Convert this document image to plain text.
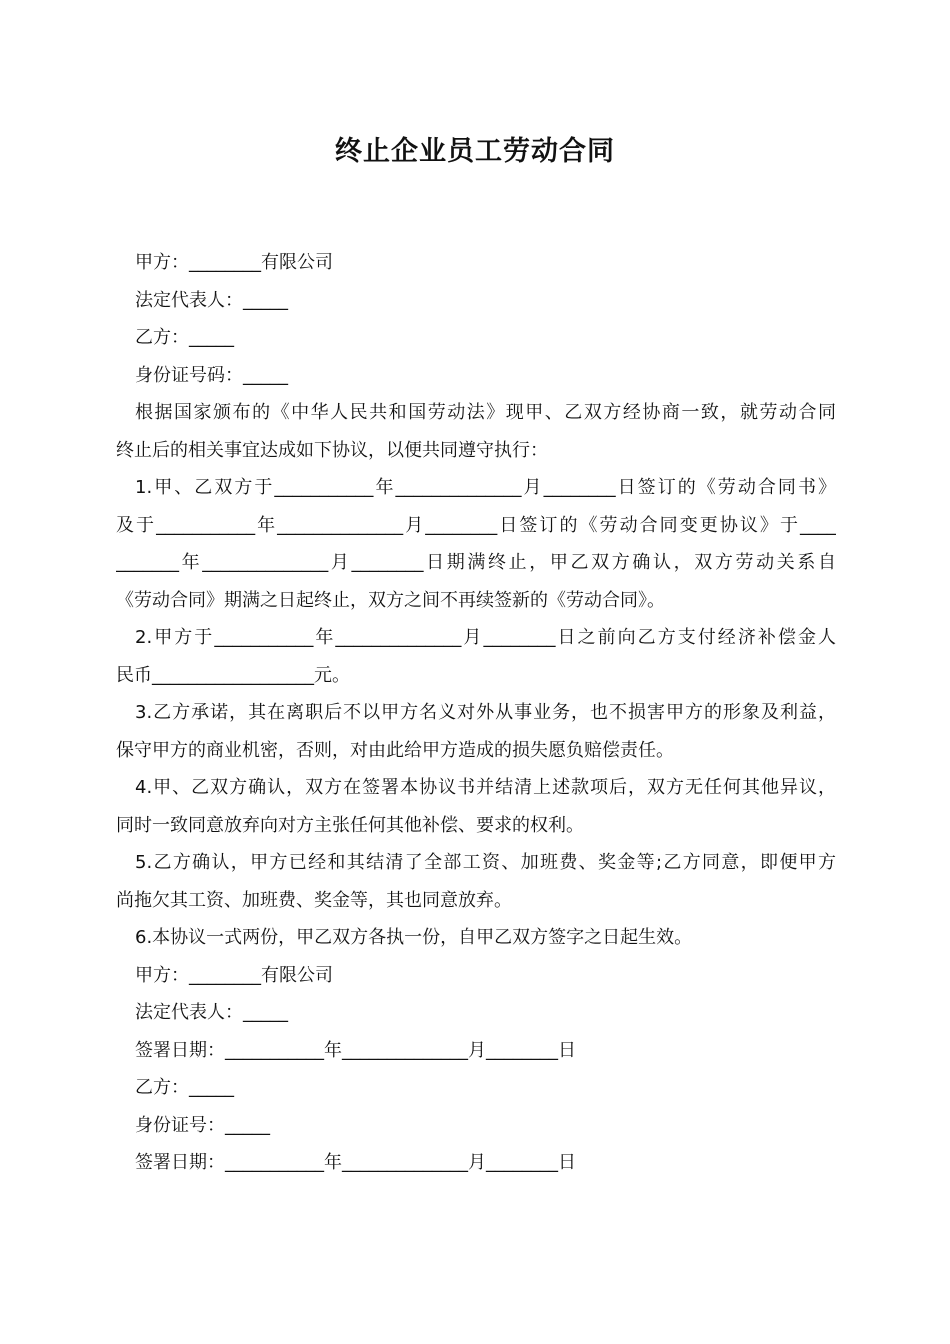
终止企业员工劳动合同
甲方：________有限公司
法定代表人：_____
乙方：_____
身份证号码：_____
根据国家颁布的《中华人民共和国劳动法》现甲、乙双方经协商一致，就劳动合同
终止后的相关事宜达成如下协议，以便共同遵守执行：
1.甲、乙双方于___________年______________月________日签订的《劳动合同书》
及于___________年______________月________日签订的《劳动合同变更协议》于____
_______年______________月________日期满终止，甲乙双方确认，双方劳动关系自
《劳动合同》期满之日起终止，双方之间不再续签新的《劳动合同》。
2.甲方于___________年______________月________日之前向乙方支付经济补偿金人
民币__________________元。
3.乙方承诺，其在离职后不以甲方名义对外从事业务，也不损害甲方的形象及利益，
保守甲方的商业机密，否则，对由此给甲方造成的损失愿负赔偿责任。
4.甲、乙双方确认，双方在签署本协议书并结清上述款项后，双方无任何其他异议，
同时一致同意放弃向对方主张任何其他补偿、要求的权利。
5.乙方确认，甲方已经和其结清了全部工资、加班费、奖金等;乙方同意，即便甲方
尚拖欠其工资、加班费、奖金等，其也同意放弃。
6.本协议一式两份，甲乙双方各执一份，自甲乙双方签字之日起生效。
甲方：________有限公司
法定代表人：_____
签署日期：___________年______________月________日
乙方：_____
身份证号：_____
签署日期：___________年______________月________日
